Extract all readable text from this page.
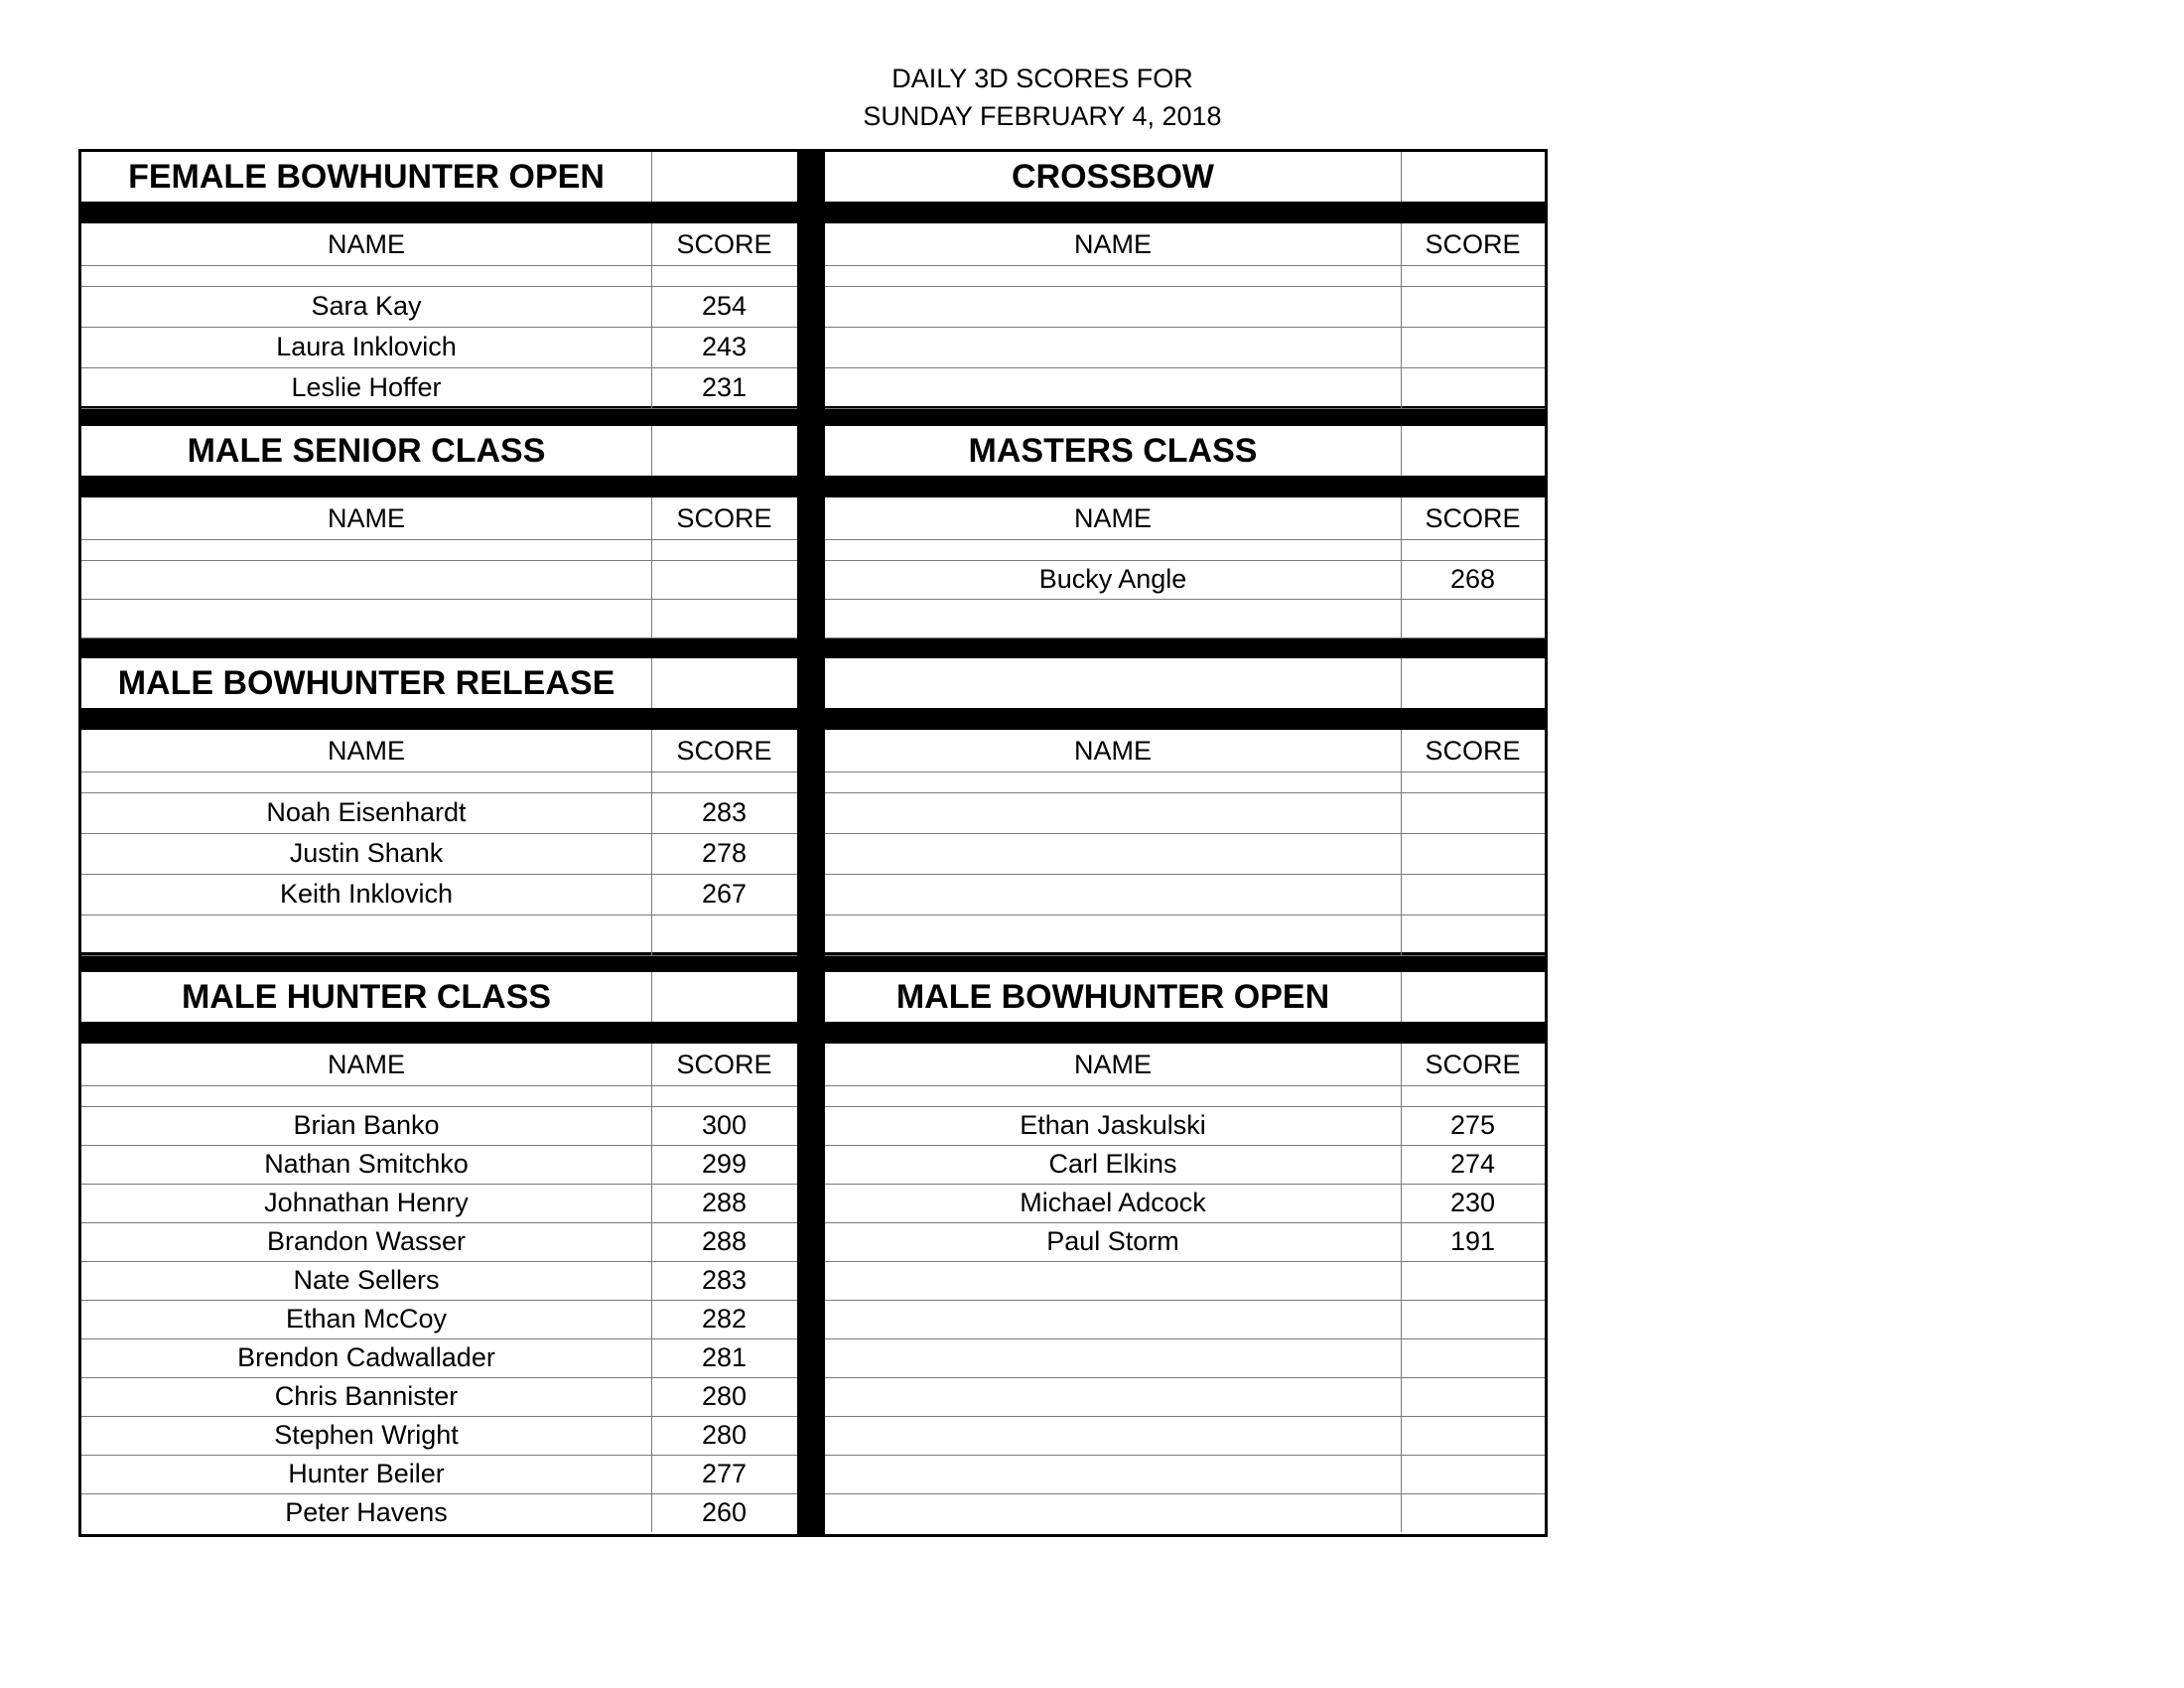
DAILY 3D SCORES FOR
SUNDAY FEBRUARY 4, 2018
FEMALE BOWHUNTER OPEN
NAME	SCORE
Sara Kay	254
Laura Inklovich	243
Leslie Hoffer	231
CROSSBOW
NAME	SCORE
MALE SENIOR CLASS
NAME	SCORE
MASTERS CLASS
NAME	SCORE
Bucky Angle	268
MALE BOWHUNTER RELEASE
NAME	SCORE
Noah Eisenhardt	283
Justin Shank	278
Keith Inklovich	267
NAME	SCORE
MALE HUNTER CLASS
NAME	SCORE
Brian Banko	300
Nathan Smitchko	299
Johnathan Henry	288
Brandon Wasser	288
Nate Sellers	283
Ethan McCoy	282
Brendon Cadwallader	281
Chris Bannister	280
Stephen Wright	280
Hunter Beiler	277
Peter Havens	260
MALE BOWHUNTER OPEN
NAME	SCORE
Ethan Jaskulski	275
Carl Elkins	274
Michael Adcock	230
Paul Storm	191
